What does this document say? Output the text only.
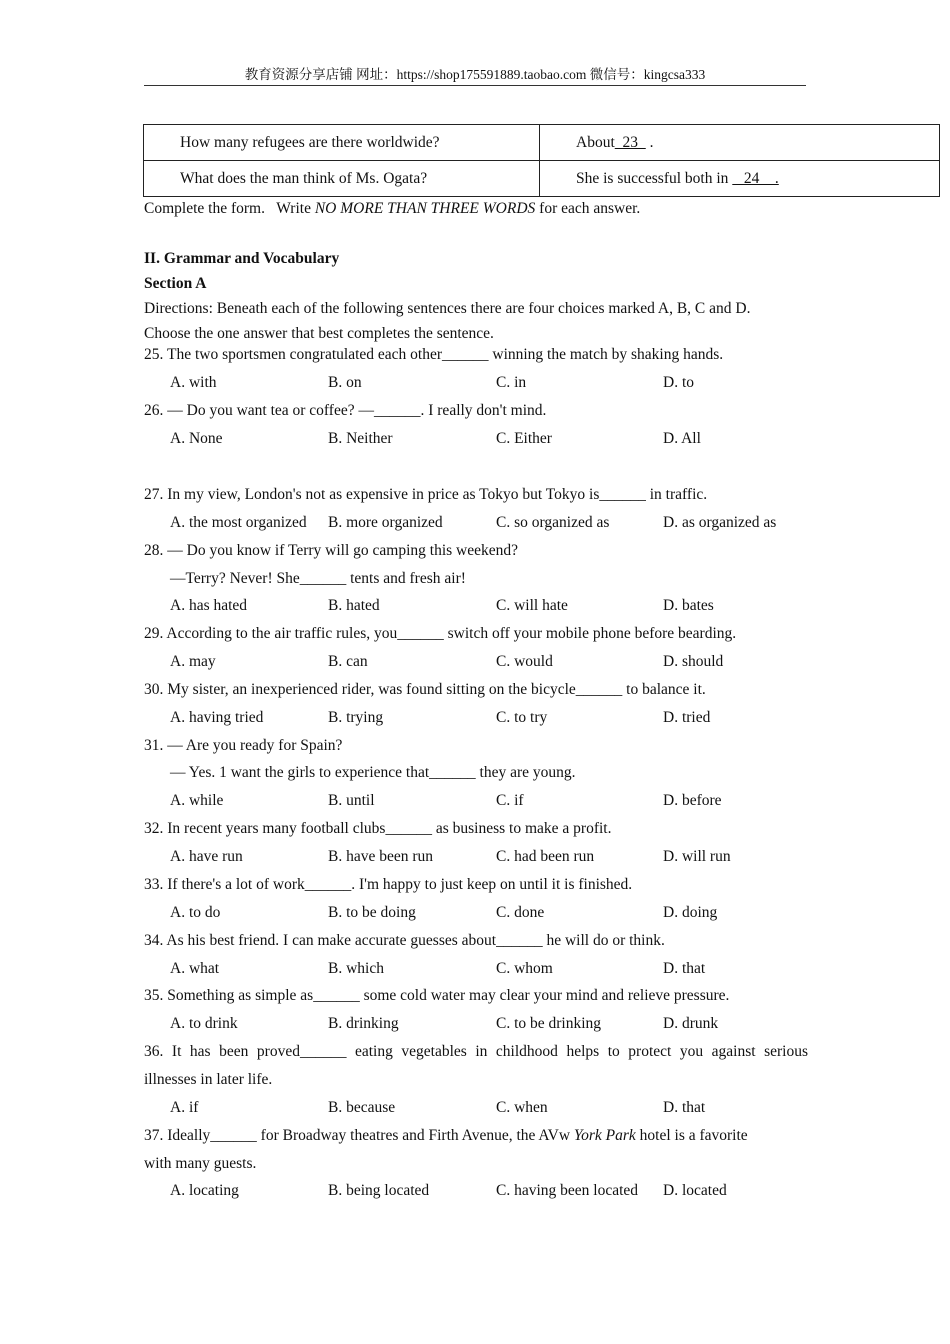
教育资源分享店铺 网址：https://shop175591889.taobao.com 微信号：kingcsa333
How many refugees are there worldwide?	About  23   .
What does the man think of Ms. Ogata?	She is successful both in    24    .
Complete the form.   Write NO MORE THAN THREE WORDS for each answer.
II. Grammar and Vocabulary
Section A
Directions: Beneath each of the following sentences there are four choices marked A, B, C and D.
Choose the one answer that best completes the sentence.
25. The two sportsmen congratulated each other______ winning the match by shaking hands.
A. with	B. on	C. in	D. to
26. — Do you want tea or coffee? —______. I really don't mind.
A. None	B. Neither	C. Either	D. All
27. In my view, London's not as expensive in price as Tokyo but Tokyo is______ in traffic.
A. the most organized B. more organized	C. so organized as	D. as organized as
28. — Do you know if Terry will go camping this weekend?
—Terry? Never! She______ tents and fresh air!
A. has hated	B. hated	C. will hate	D. bates
29. According to the air traffic rules, you______ switch off your mobile phone before bearding.
A. may	B. can	C. would	D. should
30. My sister, an inexperienced rider, was found sitting on the bicycle______ to balance it.
A. having tried	B. trying	C. to try	D. tried
31. — Are you ready for Spain?
— Yes. 1 want the girls to experience that______ they are young.
A. while	B. until	C. if	D. before
32. In recent years many football clubs______ as business to make a profit.
A. have run	B. have been run	C. had been run	D. will run
33. If there's a lot of work______. I'm happy to just keep on until it is finished.
A. to do	B. to be doing	C. done	D. doing
34. As his best friend. I can make accurate guesses about______ he will do or think.
A. what	B. which	C. whom	D. that
35. Something as simple as______ some cold water may clear your mind and relieve pressure.
A. to drink	B. drinking	C. to be drinking	D. drunk
36. It has been proved______ eating vegetables in childhood helps to protect you against serious
illnesses in later life.
A. if	B. because	C. when	D. that
37. Ideally______ for Broadway theatres and Firth Avenue, the AVw York Park hotel is a favorite
with many guests.
A. locating	B. being located	C. having been located D. located
